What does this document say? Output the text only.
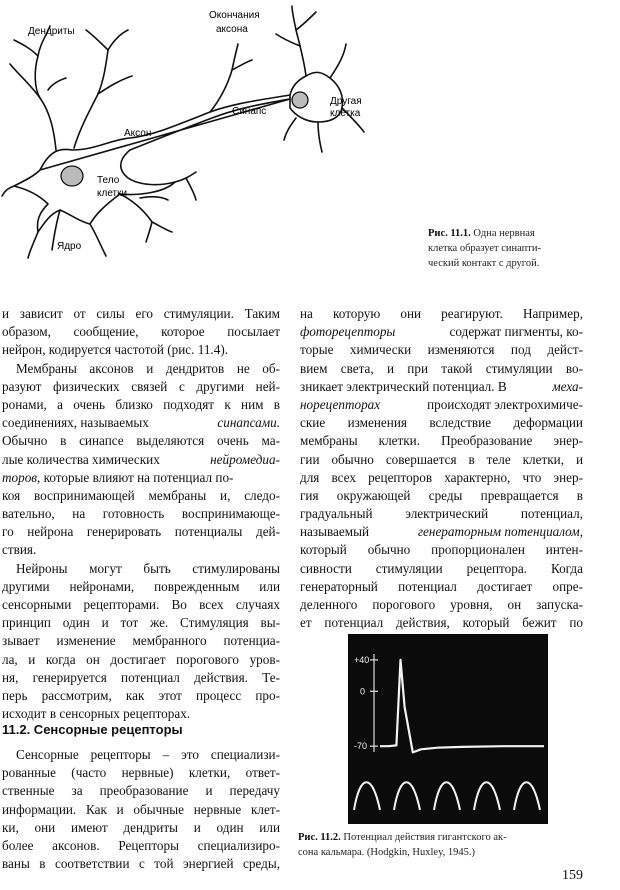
Дендриты
Окончания
аксона
Синапс
Другая
клетка
Аксон
Тело
клетки
Ядро
Рис. 11.1. Одна нервная
клетка образует синапти-
ческий контакт с другой.
и зависит от силы его стимуляции. Таким
образом, сообщение, которое посылает
нейрон, кодируется частотой (рис. 11.4).
Мембраны аксонов и дендритов не об-
разуют физических связей с другими ней-
ронами, а очень близко подходят к ним в
соединениях, называемых	синапсами.
Обычно в синапсе выделяются очень ма-
лые количества химических	нейромедиа-
торов, которые влияют на потенциал по-
коя воспринимающей мембраны и, следо-
вательно, на готовность воспринимающе-
го нейрона генерировать потенциалы дей-
ствия.
Нейроны могут быть стимулированы
другими нейронами, поврежденным или
сенсорными рецепторами. Во всех случаях
принцип один и тот же. Стимуляция вы-
зывает изменение мембранного потенциа-
ла, и когда он достигает порогового уров-
ня, генерируется потенциал действия. Те-
перь рассмотрим, как этот процесс про-
исходит в сенсорных рецепторах.
11.2. Сенсорные рецепторы
Сенсорные рецепторы – это специализи-
рованные (часто нервные) клетки, ответ-
ственные за преобразование и передачу
информации. Как и обычные нервные клет-
ки, они имеют дендриты и один или
более аксонов. Рецепторы специализиро-
ваны в соответствии с той энергией среды,
на которую они реагируют. Например,
фоторецепторы	содержат пигменты, ко-
торые химически изменяются под дейст-
вием света, и при такой стимуляции во-
зникает электрический потенциал. В	меха-
норецепторах	происходят электрохимиче-
ские изменения вследствие деформации
мембраны клетки. Преобразование энер-
гии обычно совершается в теле клетки, и
для всех рецепторов характерно, что энер-
гия окружающей среды превращается в
градуальный электрический потенциал,
называемый	генераторным потенциалом,
который обычно пропорционален интен-
сивности стимуляции рецептора. Когда
генераторный потенциал достигает опре-
деленного порогового уровня, он запуска-
ет потенциал действия, который бежит по
+40
0
-70
Рис. 11.2. Потенциал действия гигантского ак-
сона кальмара. (Hodgkin, Huxley, 1945.)
159
